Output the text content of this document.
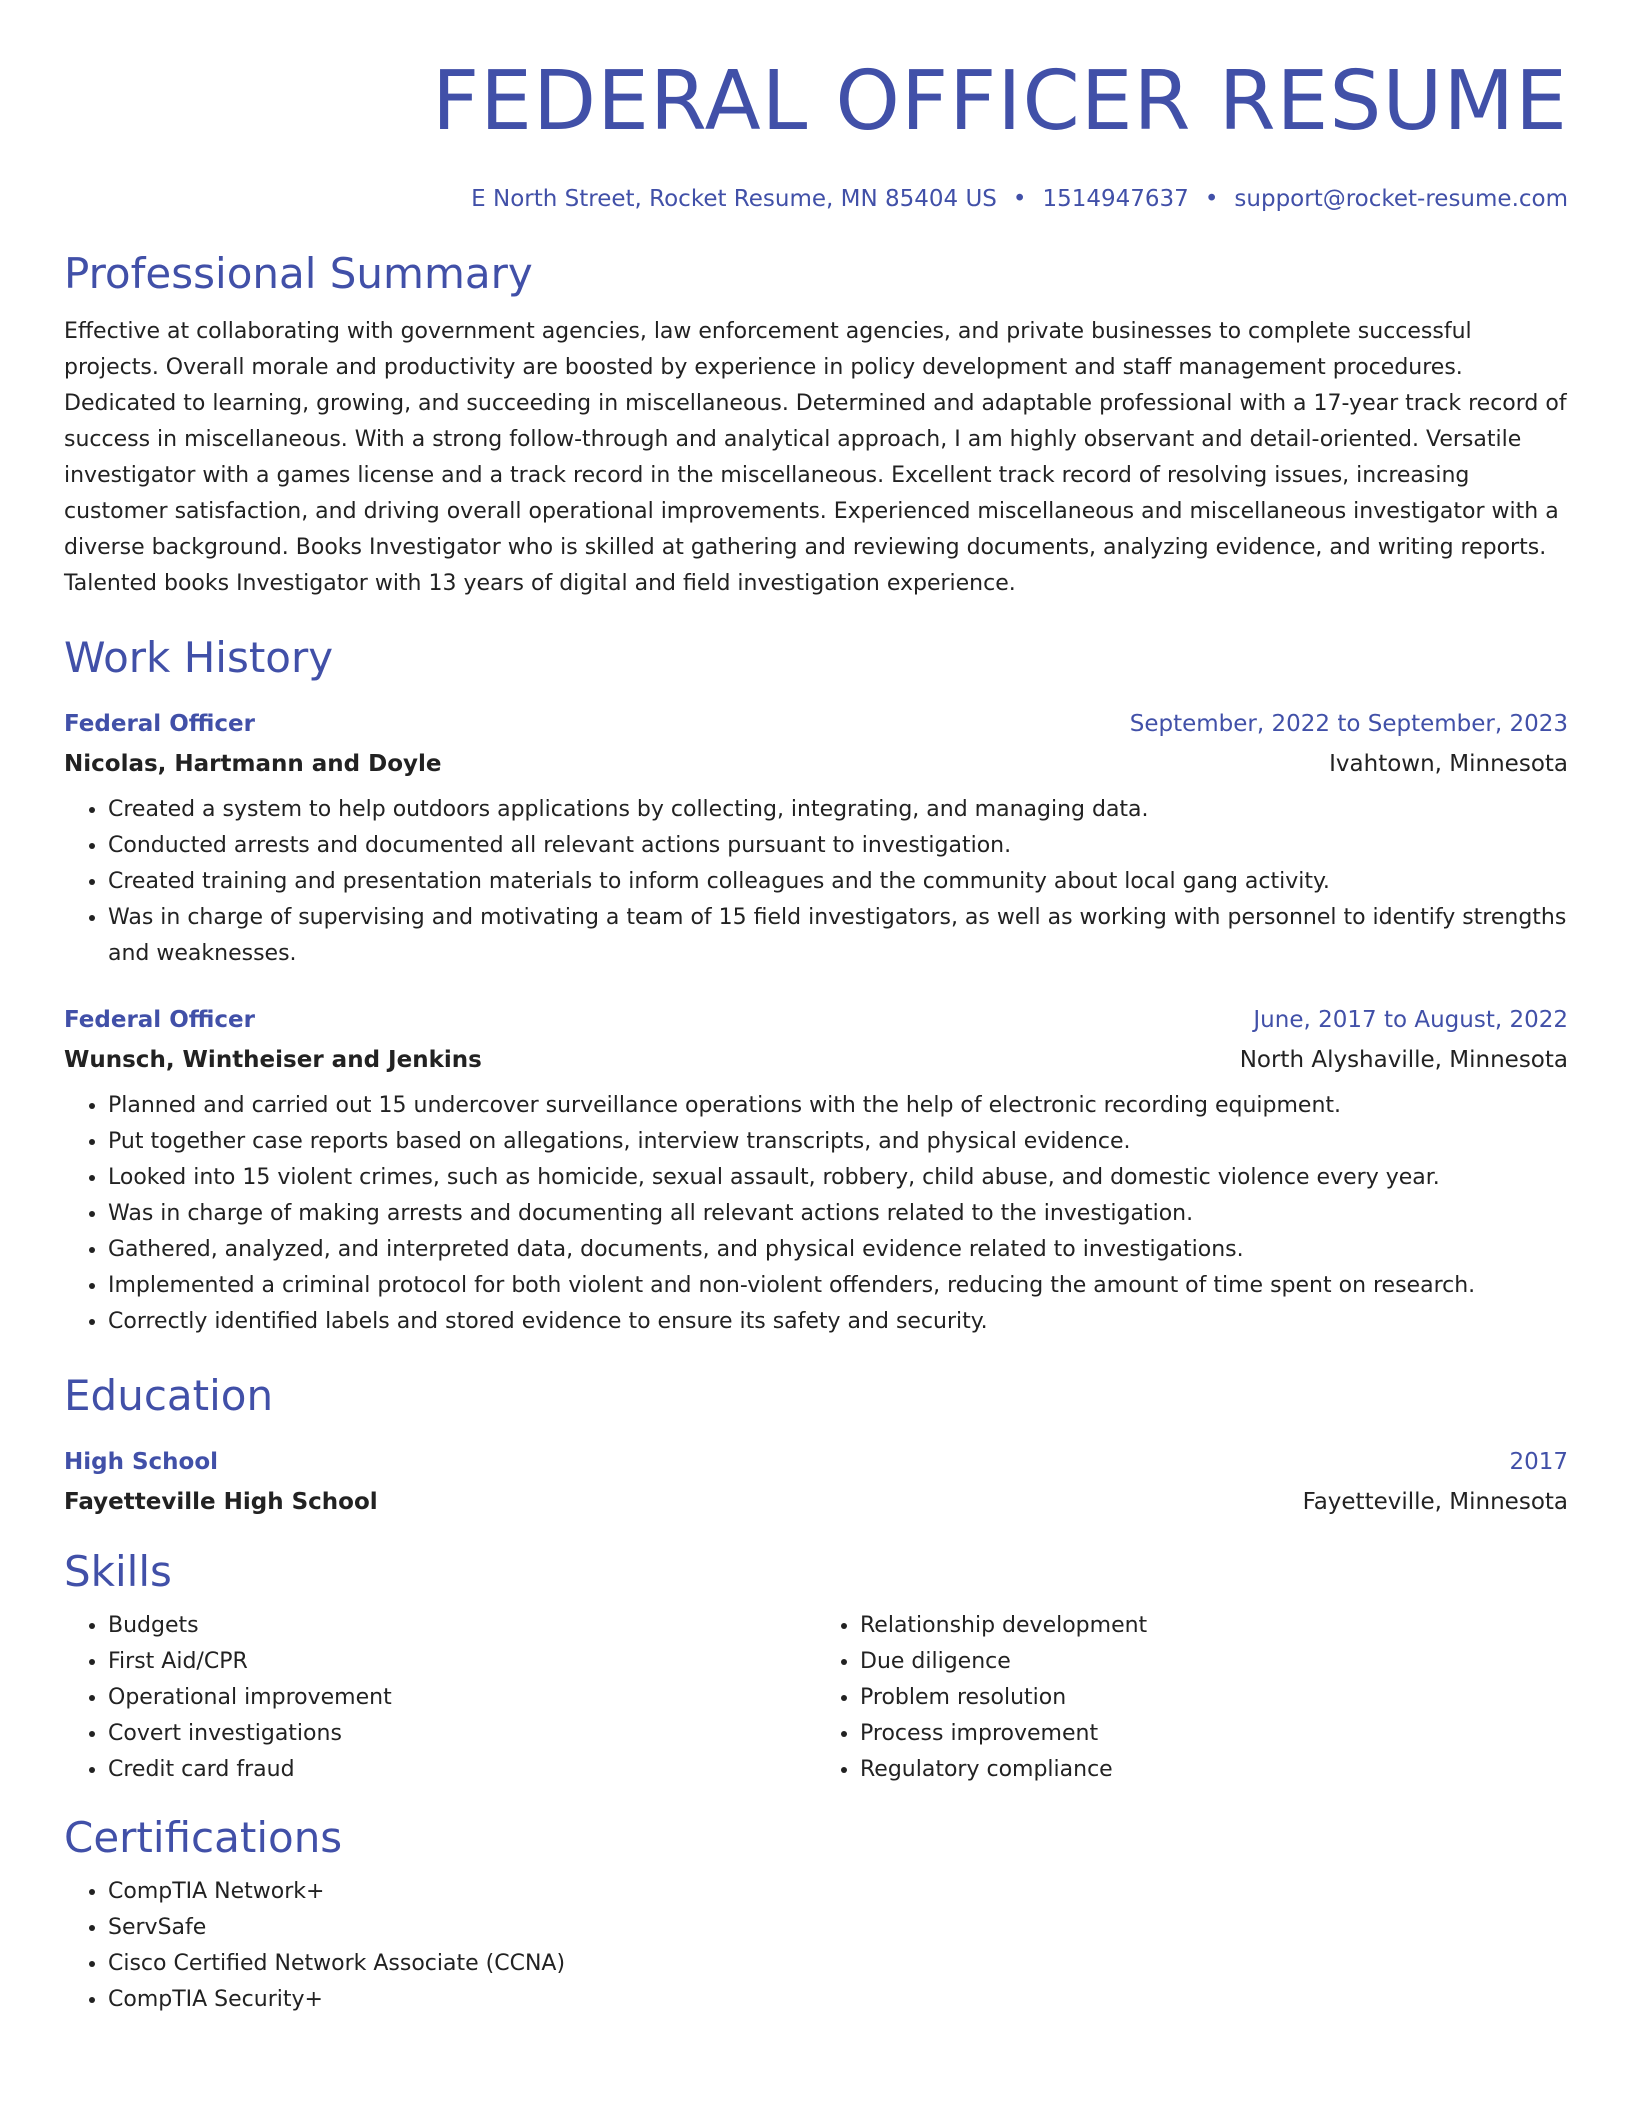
FEDERAL OFFICER RESUME
E North Street, Rocket Resume, MN 85404 US • 1514947637 • support@rocket-resume.com
Professional Summary

Effective at collaborating with government agencies, law enforcement agencies, and private businesses to complete successful projects. Overall morale and productivity are boosted by experience in policy development and staff management procedures. Dedicated to learning, growing, and succeeding in miscellaneous. Determined and adaptable professional with a 17-year track record of success in miscellaneous. With a strong follow-through and analytical approach, I am highly observant and detail-oriented. Versatile investigator with a games license and a track record in the miscellaneous. Excellent track record of resolving issues, increasing customer satisfaction, and driving overall operational improvements. Experienced miscellaneous and miscellaneous investigator with a diverse background. Books Investigator who is skilled at gathering and reviewing documents, analyzing evidence, and writing reports. Talented books Investigator with 13 years of digital and field investigation experience.

Work History
Federal Officer	September, 2022 to September, 2023
Nicolas, Hartmann and Doyle	Ivahtown, Minnesota
• Created a system to help outdoors applications by collecting, integrating, and managing data.
• Conducted arrests and documented all relevant actions pursuant to investigation.
• Created training and presentation materials to inform colleagues and the community about local gang activity.
• Was in charge of supervising and motivating a team of 15 field investigators, as well as working with personnel to identify strengths and weaknesses.
Federal Officer	June, 2017 to August, 2022
Wunsch, Wintheiser and Jenkins	North Alyshaville, Minnesota
• Planned and carried out 15 undercover surveillance operations with the help of electronic recording equipment.
• Put together case reports based on allegations, interview transcripts, and physical evidence.
• Looked into 15 violent crimes, such as homicide, sexual assault, robbery, child abuse, and domestic violence every year.
• Was in charge of making arrests and documenting all relevant actions related to the investigation.
• Gathered, analyzed, and interpreted data, documents, and physical evidence related to investigations.
• Implemented a criminal protocol for both violent and non-violent offenders, reducing the amount of time spent on research.
• Correctly identified labels and stored evidence to ensure its safety and security.
Education
High School	2017
Fayetteville High School	Fayetteville, Minnesota
Skills
• Budgets
• First Aid/CPR
• Operational improvement
• Covert investigations
• Credit card fraud
• Relationship development
• Due diligence
• Problem resolution
• Process improvement
• Regulatory compliance
Certifications
• CompTIA Network+
• ServSafe
• Cisco Certified Network Associate (CCNA)
• CompTIA Security+
